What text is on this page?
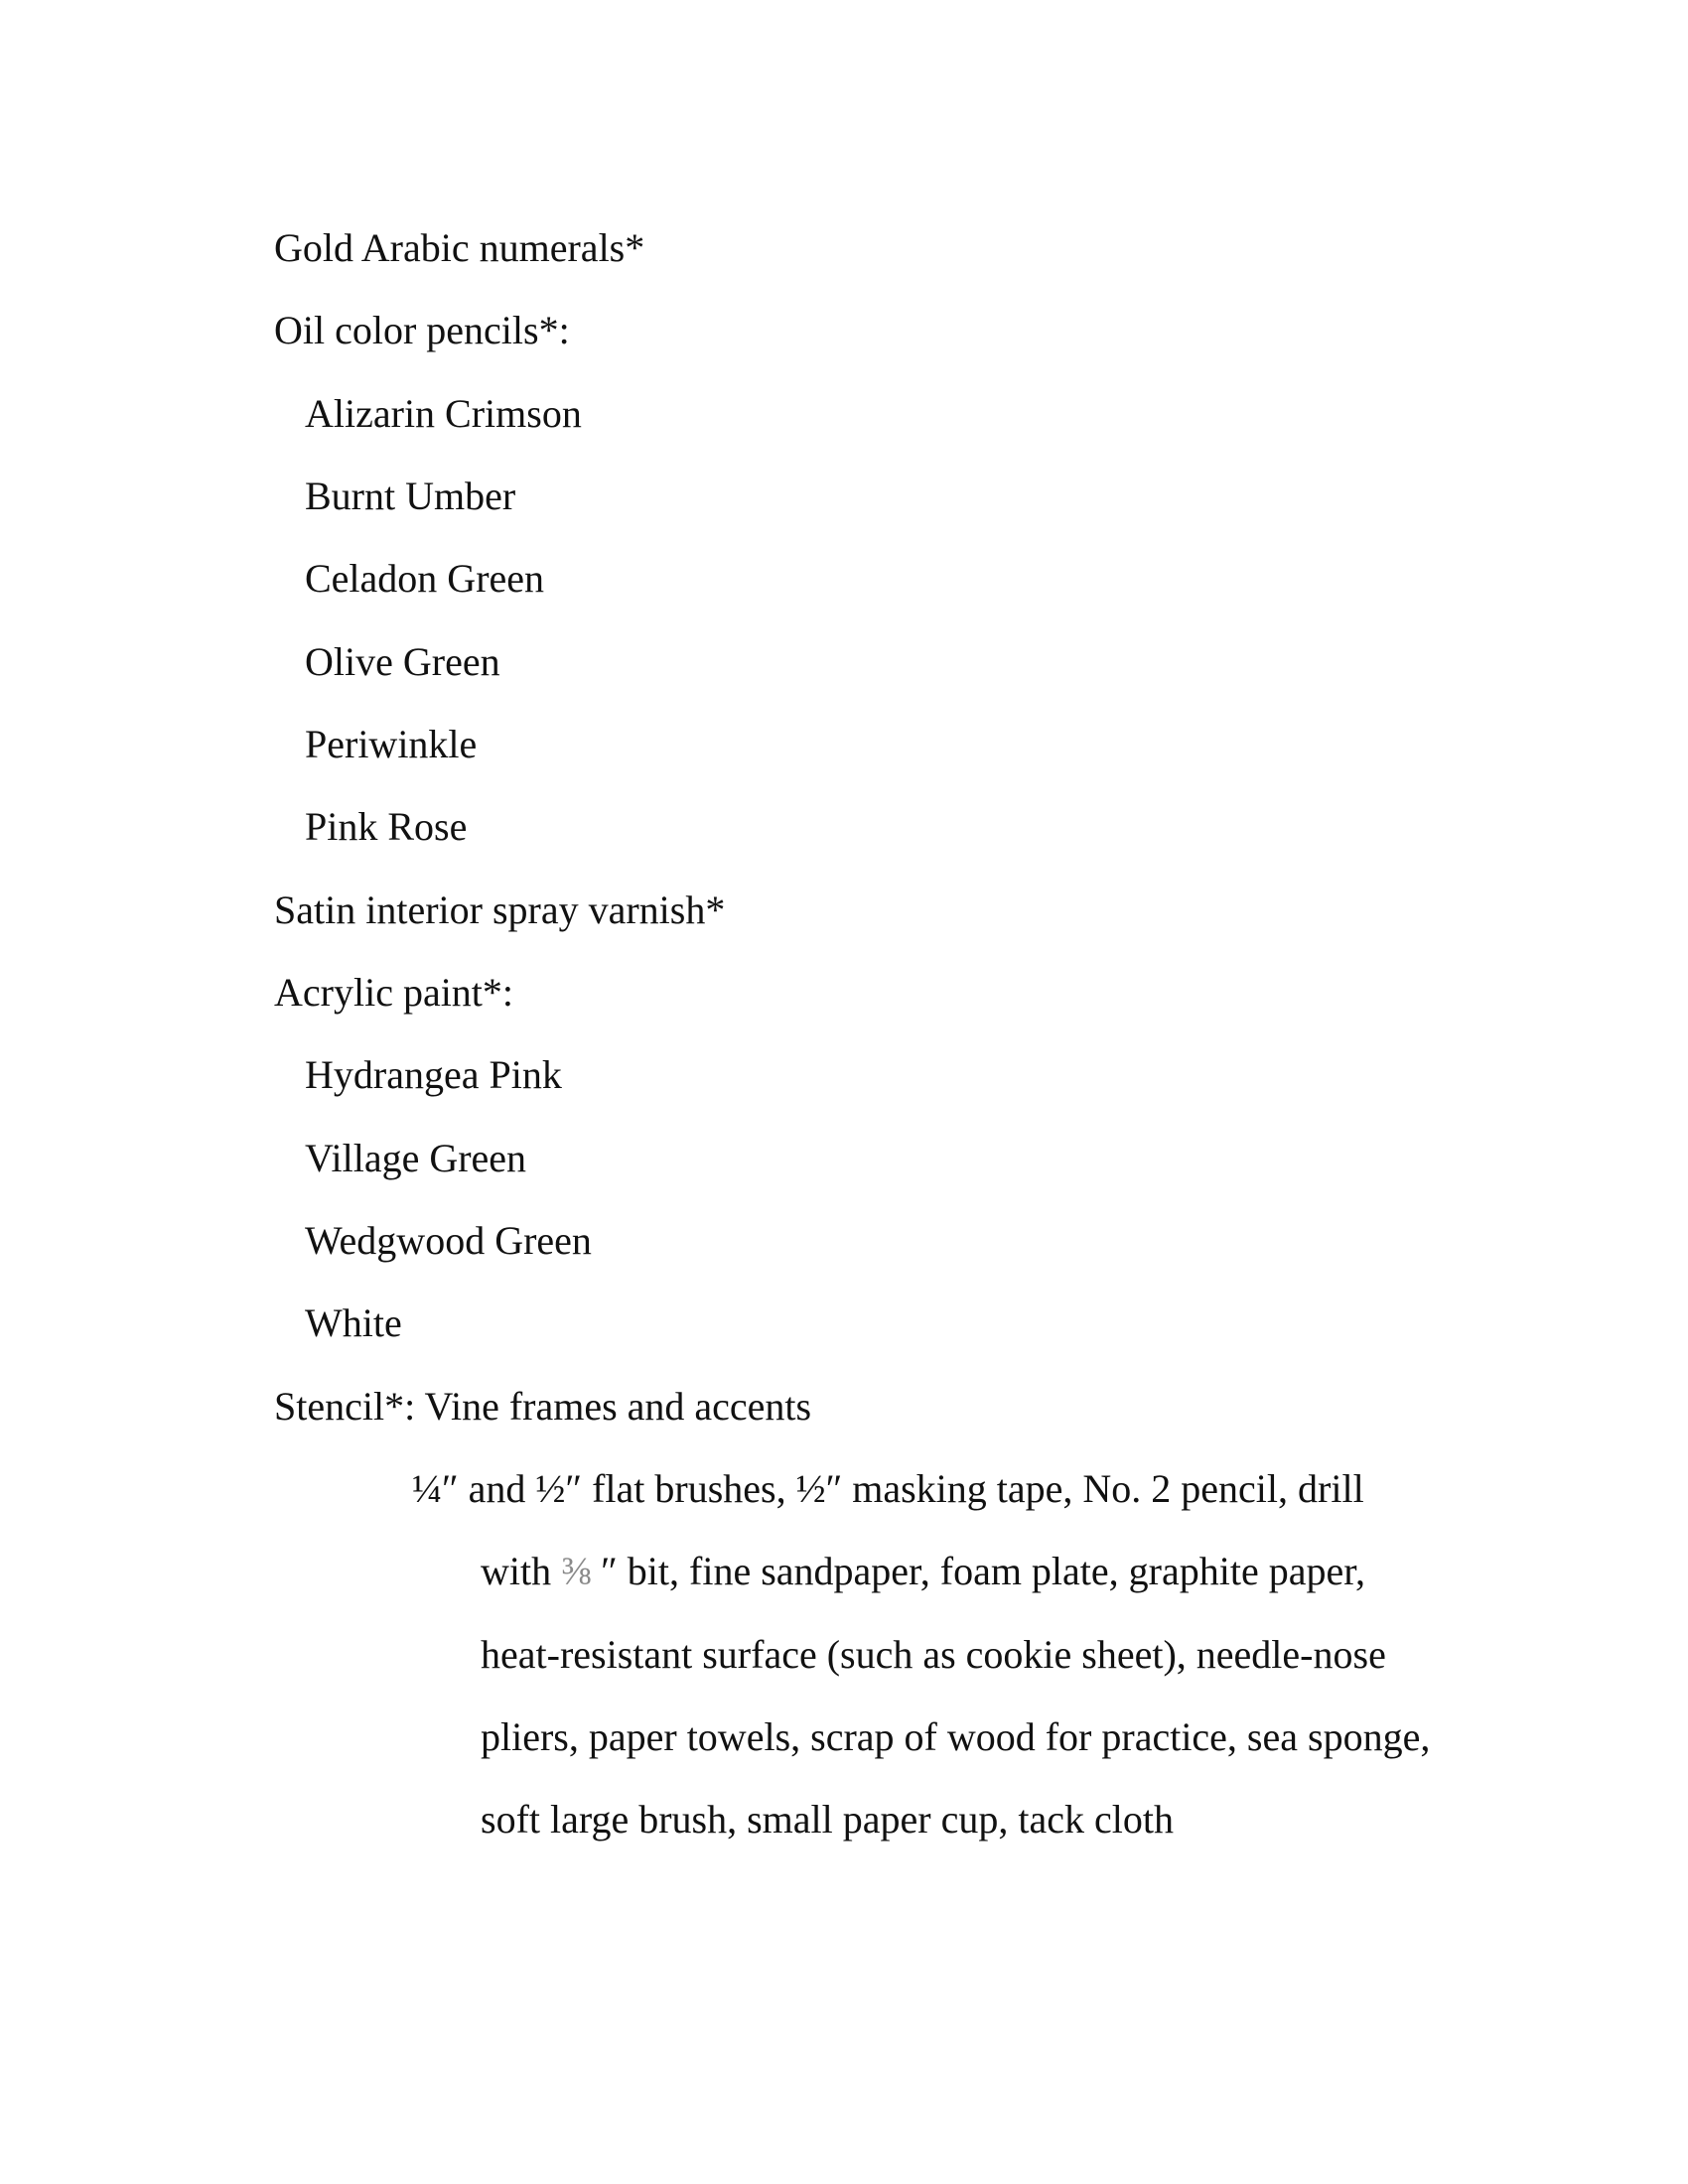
Gold Arabic numerals*
Oil color pencils*:
Alizarin Crimson
Burnt Umber
Celadon Green
Olive Green
Periwinkle
Pink Rose
Satin interior spray varnish*
Acrylic paint*:
Hydrangea Pink
Village Green
Wedgwood Green
White
Stencil*: Vine frames and accents
¼″ and ½″ flat brushes, ½″ masking tape, No. 2 pencil, drill
with ⅜ ″ bit, fine sandpaper, foam plate, graphite paper,
heat-resistant surface (such as cookie sheet), needle-nose
pliers, paper towels, scrap of wood for practice, sea sponge,
soft large brush, small paper cup, tack cloth
